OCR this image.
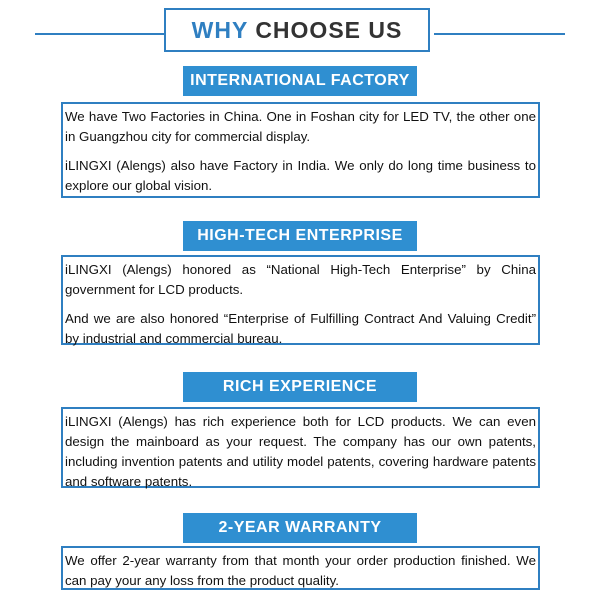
WHY CHOOSE US
INTERNATIONAL FACTORY

We have Two Factories in China. One in Foshan city for LED TV, the other one in Guangzhou city for commercial display.

iLINGXI (Alengs) also have Factory in India. We only do long time business to explore our global vision.

HIGH-TECH ENTERPRISE

iLINGXI (Alengs) honored as “National High-Tech Enterprise” by China government for LCD products.

And we are also honored “Enterprise of Fulfilling Contract And Valuing Credit” by industrial and commercial bureau.

RICH EXPERIENCE

iLINGXI (Alengs) has rich experience both for LCD products. We can even design the mainboard as your request. The company has our own patents, including invention patents and utility model patents, covering hardware patents and software patents.

2-YEAR WARRANTY

We offer 2-year warranty from that month your order production finished. We can pay your any loss from the product quality.
